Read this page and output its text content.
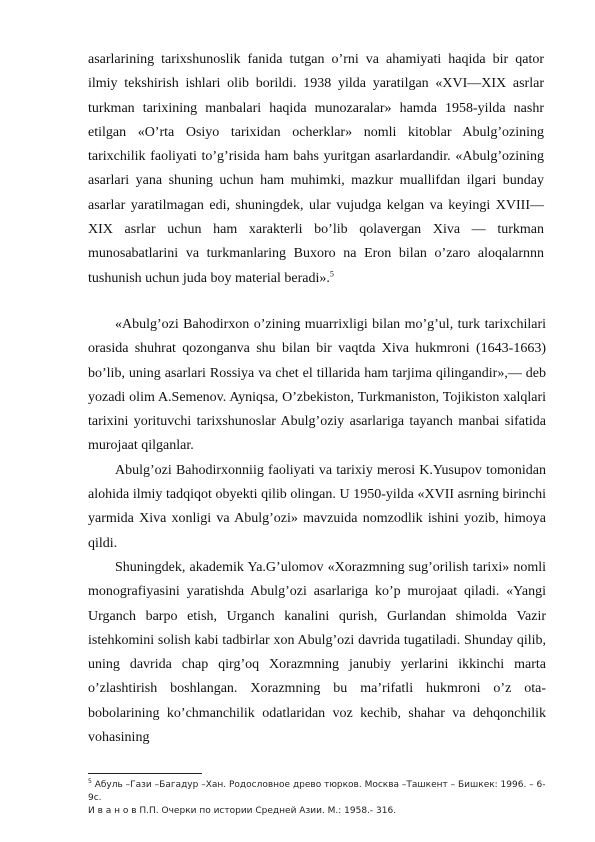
asarlarining tarixshunoslik fanida tutgan o’rni va ahamiyati haqida bir qator ilmiy tekshirish ishlari olib borildi. 1938 yilda yaratilgan «XVI—XIX asrlar turkman tarixining manbalari haqida munozaralar» hamda 1958-yilda nashr etilgan «O’rta Osiyo tarixidan ocherklar» nomli kitoblar Abulg’ozining tarixchilik faoliyati to’g’risida ham bahs yuritgan asarlardandir. «Abulg’ozining asarlari yana shuning uchun ham muhimki, mazkur muallifdan ilgari bunday asarlar yaratilmagan edi, shuningdek, ular vujudga kelgan va keyingi XVIII—XIX asrlar uchun ham xarakterli bo’lib qolavergan Xiva — turkman munosabatlarini va turkmanlaring Buxoro na Eron bilan o’zaro aloqalarnnn tushunish uchun juda boy material beradi».$^5$

«Abulg’ozi Bahodirxon o’zining muarrixligi bilan mo’g’ul, turk tarixchilari orasida shuhrat qozonganva shu bilan bir vaqtda Xiva hukmroni (1643-1663) bo’lib, uning asarlari Rossiya va chet el tillarida ham tarjima qilingandir»,— deb yozadi olim A.Semenov. Ayniqsa, O’zbekiston, Turkmaniston, Tojikiston xalqlari tarixini yorituvchi tarixshunoslar Abulg’oziy asarlariga tayanch manbai sifatida murojaat qilganlar.

Abulg’ozi Bahodirxonniig faoliyati va tarixiy merosi K.Yusupov tomonidan alohida ilmiy tadqiqot obyekti qilib olingan. U 1950-yilda «XVII asrning birinchi yarmida Xiva xonligi va Abulg’ozi» mavzuida nomzodlik ishini yozib, himoya qildi.

Shuningdek, akademik Ya.G’ulomov «Xorazmning sug’orilish tarixi» nomli monografiyasini yaratishda Abulg’ozi asarlariga ko’p murojaat qiladi. «Yangi Urganch barpo etish, Urganch kanalini qurish, Gurlandan shimolda Vazir istehkomini solish kabi tadbirlar xon Abulg’ozi davrida tugatiladi. Shunday qilib, uning davrida chap qirg’oq Xorazmning janubiy yerlarini ikkinchi marta o’zlashtirish boshlangan. Xorazmning bu ma’rifatli hukmroni o’z ota-bobolarining ko’chmanchilik odatlaridan voz kechib, shahar va dehqonchilik vohasining

$^5$ Абуль –Гази –Багадур –Хан. Родословное древо тюрков. Москва –Ташкент – Бишкек: 1996. – 6-9с.

И в а н о в П.П. Очерки по истории Средней Азии. М.: 1958.- 316.
